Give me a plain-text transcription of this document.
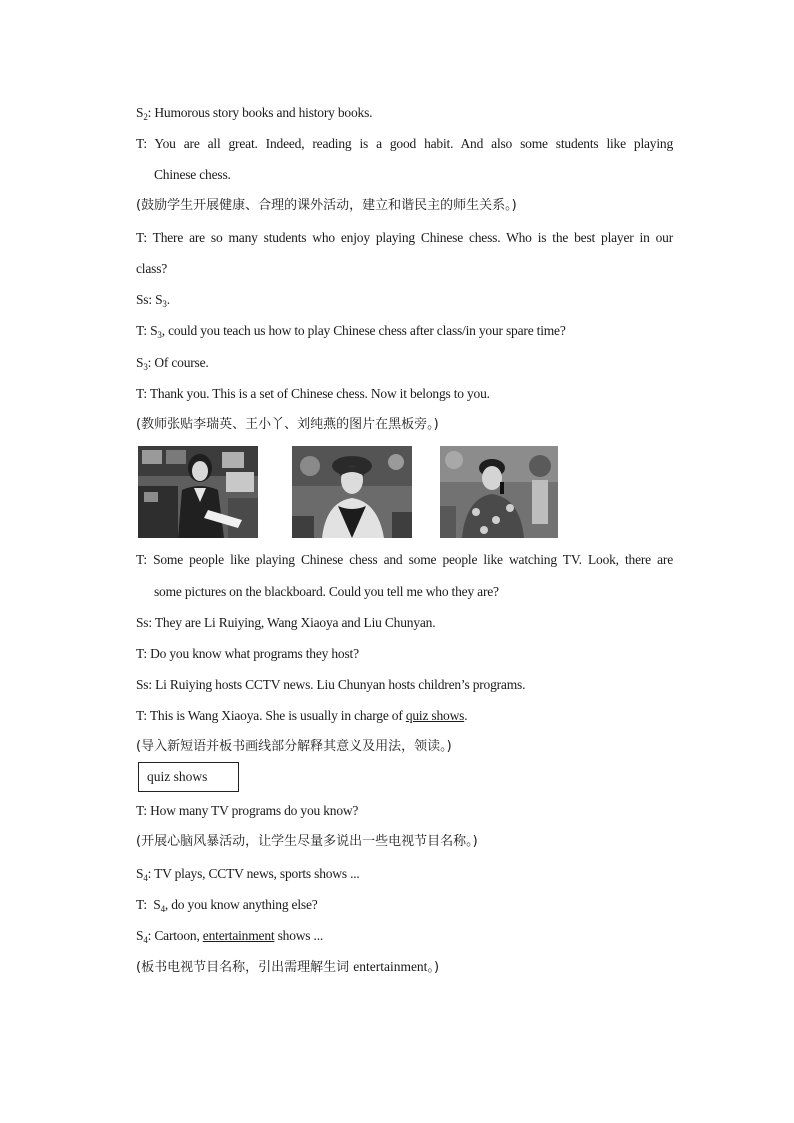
$S_2$: Humorous story books and history books.
T: You are all great. Indeed, reading is a good habit. And also some students like playing
Chinese chess.
(鼓励学生开展健康、合理的课外活动，建立和谐民主的师生关系。)
T: There are so many students who enjoy playing Chinese chess. Who is the best player in our
class?
Ss: $S_3$.
T: $S_3$, could you teach us how to play Chinese chess after class/in your spare time?
$S_3$: Of course.
T: Thank you. This is a set of Chinese chess. Now it belongs to you.
(教师张贴李瑞英、王小丫、刘纯燕的图片在黑板旁。)
T: Some people like playing Chinese chess and some people like watching TV. Look, there are
some pictures on the blackboard. Could you tell me who they are?
Ss: They are Li Ruiying, Wang Xiaoya and Liu Chunyan.
T: Do you know what programs they host?
Ss: Li Ruiying hosts CCTV news. Liu Chunyan hosts children’s programs.
T: This is Wang Xiaoya. She is usually in charge of quiz shows.
(导入新短语并板书画线部分解释其意义及用法，领读。)
quiz shows
T: How many TV programs do you know?
(开展心脑风暴活动，让学生尽量多说出一些电视节目名称。)
$S_4$: TV plays, CCTV news, sports shows ...
T:  $S_4$, do you know anything else?
$S_4$: Cartoon, entertainment shows ...
(板书电视节目名称，引出需理解生词 entertainment。)
